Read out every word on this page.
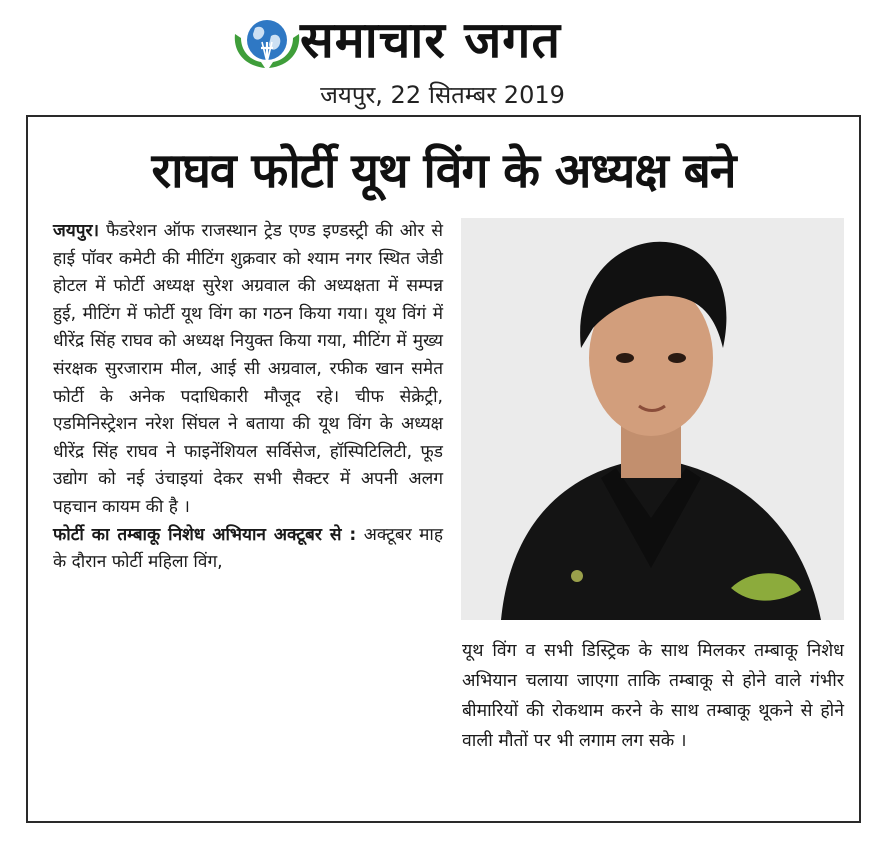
समाचार जगत
जयपुर, 22 सितम्बर 2019
राघव फोर्टी यूथ विंग के अध्यक्ष बने

जयपुर। फैडरेशन ऑफ राजस्थान ट्रेड एण्ड इण्डस्ट्री की ओर से हाई पॉवर कमेटी की मीटिंग शुक्रवार को श्याम नगर स्थित जेडी होटल में फोर्टी अध्यक्ष सुरेश अग्रवाल की अध्यक्षता में सम्पन्न हुई, मीटिंग में फोर्टी यूथ विंग का गठन किया गया। यूथ विंगं में धीरेंद्र सिंह राघव को अध्यक्ष नियुक्त किया गया, मीटिंग में मुख्य संरक्षक सुरजाराम मील, आई सी अग्रवाल, रफीक खान समेत फोर्टी के अनेक पदाधिकारी मौजूद रहे। चीफ सेक्रेट्री, एडमिनिस्ट्रेशन नरेश सिंघल ने बताया की यूथ विंग के अध्यक्ष धीरेंद्र सिंह राघव ने फाइनेंशियल सर्विसेज, हॉस्पिटिलिटी, फूड उद्योग को नई उंचाइयां देकर सभी सैक्टर में अपनी अलग पहचान कायम की है ।

फोर्टी का तम्बाकू निशेध अभियान अक्टूबर से : अक्टूबर माह के दौरान फोर्टी महिला विंग,

यूथ विंग व सभी डिस्ट्रिक के साथ मिलकर तम्बाकू निशेध अभियान चलाया जाएगा ताकि तम्बाकू से होने वाले गंभीर बीमारियों की रोकथाम करने के साथ तम्बाकू थूकने से होने वाली मौतों पर भी लगाम लग सके ।
